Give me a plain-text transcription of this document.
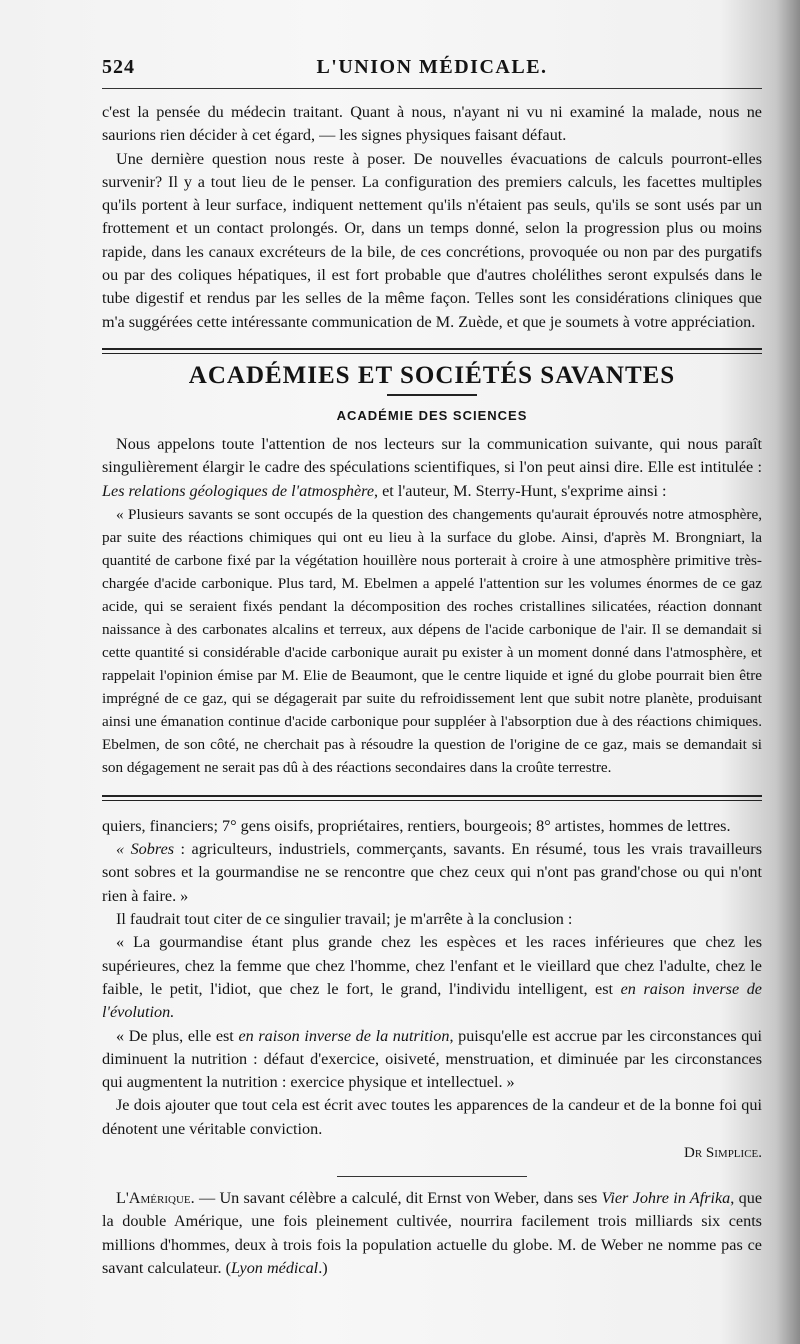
524	L'UNION MÉDICALE.

c'est la pensée du médecin traitant. Quant à nous, n'ayant ni vu ni examiné la malade, nous ne saurions rien décider à cet égard, — les signes physiques faisant défaut.

Une dernière question nous reste à poser. De nouvelles évacuations de calculs pourront-elles survenir? Il y a tout lieu de le penser. La configuration des premiers calculs, les facettes multiples qu'ils portent à leur surface, indiquent nettement qu'ils n'étaient pas seuls, qu'ils se sont usés par un frottement et un contact prolongés. Or, dans un temps donné, selon la progression plus ou moins rapide, dans les canaux excréteurs de la bile, de ces concrétions, provoquée ou non par des purgatifs ou par des coliques hépatiques, il est fort probable que d'autres cholélithes seront expulsés dans le tube digestif et rendus par les selles de la même façon. Telles sont les considérations cliniques que m'a suggérées cette intéressante communication de M. Zuède, et que je soumets à votre appréciation.

ACADÉMIES ET SOCIÉTÉS SAVANTES
ACADÉMIE DES SCIENCES

Nous appelons toute l'attention de nos lecteurs sur la communication suivante, qui nous paraît singulièrement élargir le cadre des spéculations scientifiques, si l'on peut ainsi dire. Elle est intitulée : Les relations géologiques de l'atmosphère, et l'auteur, M. Sterry-Hunt, s'exprime ainsi :

« Plusieurs savants se sont occupés de la question des changements qu'aurait éprouvés notre atmosphère, par suite des réactions chimiques qui ont eu lieu à la surface du globe. Ainsi, d'après M. Brongniart, la quantité de carbone fixé par la végétation houillère nous porterait à croire à une atmosphère primitive très-chargée d'acide carbonique. Plus tard, M. Ebelmen a appelé l'attention sur les volumes énormes de ce gaz acide, qui se seraient fixés pendant la décomposition des roches cristallines silicatées, réaction donnant naissance à des carbonates alcalins et terreux, aux dépens de l'acide carbonique de l'air. Il se demandait si cette quantité si considérable d'acide carbonique aurait pu exister à un moment donné dans l'atmosphère, et rappelait l'opinion émise par M. Elie de Beaumont, que le centre liquide et igné du globe pourrait bien être imprégné de ce gaz, qui se dégagerait par suite du refroidissement lent que subit notre planète, produisant ainsi une émanation continue d'acide carbonique pour suppléer à l'absorption due à des réactions chimiques. Ebelmen, de son côté, ne cherchait pas à résoudre la question de l'origine de ce gaz, mais se demandait si son dégagement ne serait pas dû à des réactions secondaires dans la croûte terrestre.

quiers, financiers; 7° gens oisifs, propriétaires, rentiers, bourgeois; 8° artistes, hommes de lettres.

« Sobres : agriculteurs, industriels, commerçants, savants. En résumé, tous les vrais travailleurs sont sobres et la gourmandise ne se rencontre que chez ceux qui n'ont pas grand'chose ou qui n'ont rien à faire. »

Il faudrait tout citer de ce singulier travail; je m'arrête à la conclusion :

« La gourmandise étant plus grande chez les espèces et les races inférieures que chez les supérieures, chez la femme que chez l'homme, chez l'enfant et le vieillard que chez l'adulte, chez le faible, le petit, l'idiot, que chez le fort, le grand, l'individu intelligent, est en raison inverse de l'évolution.

« De plus, elle est en raison inverse de la nutrition, puisqu'elle est accrue par les circonstances qui diminuent la nutrition : défaut d'exercice, oisiveté, menstruation, et diminuée par les circonstances qui augmentent la nutrition : exercice physique et intellectuel. »

Je dois ajouter que tout cela est écrit avec toutes les apparences de la candeur et de la bonne foi qui dénotent une véritable conviction.

Dr Simplice.

L'Amérique. — Un savant célèbre a calculé, dit Ernst von Weber, dans ses Vier Johre in Afrika, que la double Amérique, une fois pleinement cultivée, nourrira facilement trois milliards six cents millions d'hommes, deux à trois fois la population actuelle du globe. M. de Weber ne nomme pas ce savant calculateur. (Lyon médical.)
